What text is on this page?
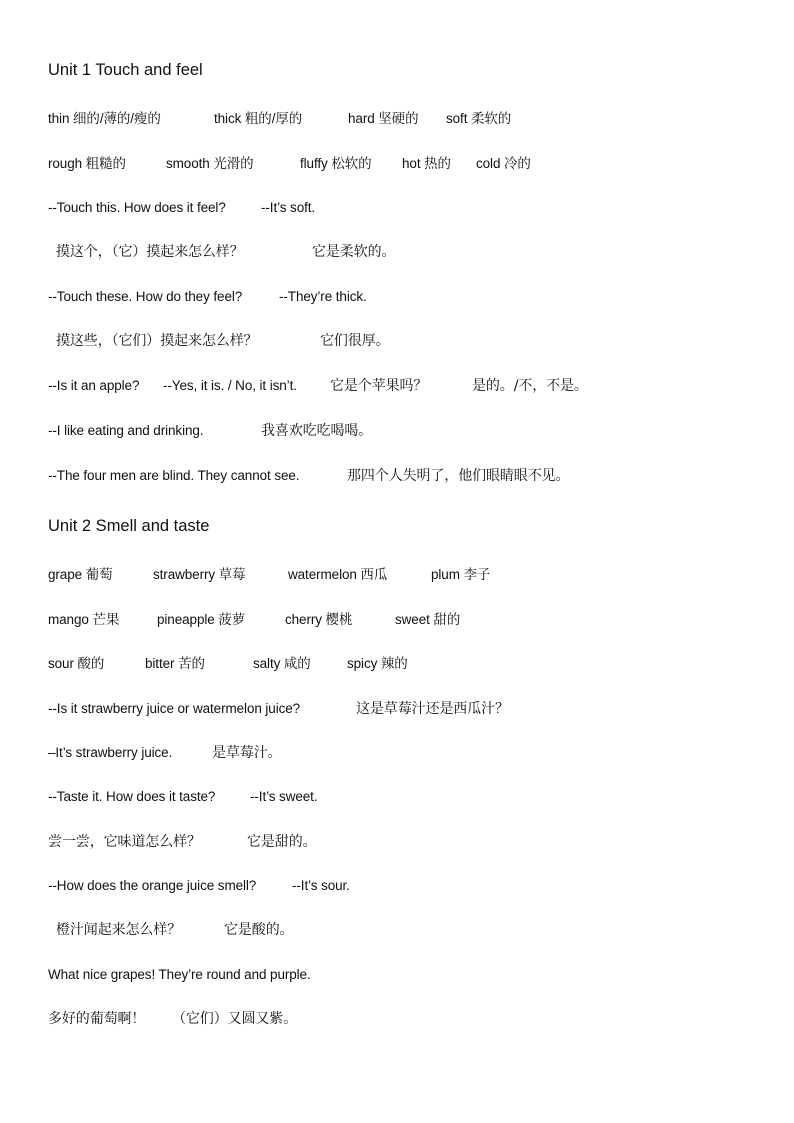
Unit 1 Touch and feel
thin 细的/薄的/瘦的	thick 粗的/厚的	hard 坚硬的 soft 柔软的
rough 粗糙的	smooth 光滑的	fluffy 松软的 hot 热的 cold 冷的
--Touch this. How does it feel?	--It’s soft.
摸这个，（它）摸起来怎么样？	它是柔软的。
--Touch these. How do they feel?	--They’re thick.
摸这些，（它们）摸起来怎么样？	它们很厚。
--Is it an apple? --Yes, it is. / No, it isn’t. 它是个苹果吗？	是的。/不，不是。
--I like eating and drinking.	我喜欢吃吃喝喝。
--The four men are blind. They cannot see.	那四个人失明了，他们眼睛眼不见。
Unit 2 Smell and taste
grape 葡萄	strawberry 草莓	watermelon 西瓜	plum 李子
mango 芒果	pineapple 菠萝	cherry 樱桃	sweet 甜的
sour 酸的	bitter 苦的	salty 咸的	spicy 辣的
--Is it strawberry juice or watermelon juice?	这是草莓汁还是西瓜汁？
–It’s strawberry juice.	是草莓汁。
--Taste it. How does it taste?	--It’s sweet.
尝一尝，它味道怎么样？	它是甜的。
--How does the orange juice smell?	--It’s sour.
橙汁闻起来怎么样？	它是酸的。
What nice grapes! They’re round and purple.
多好的葡萄啊！ （它们）又圆又紫。
